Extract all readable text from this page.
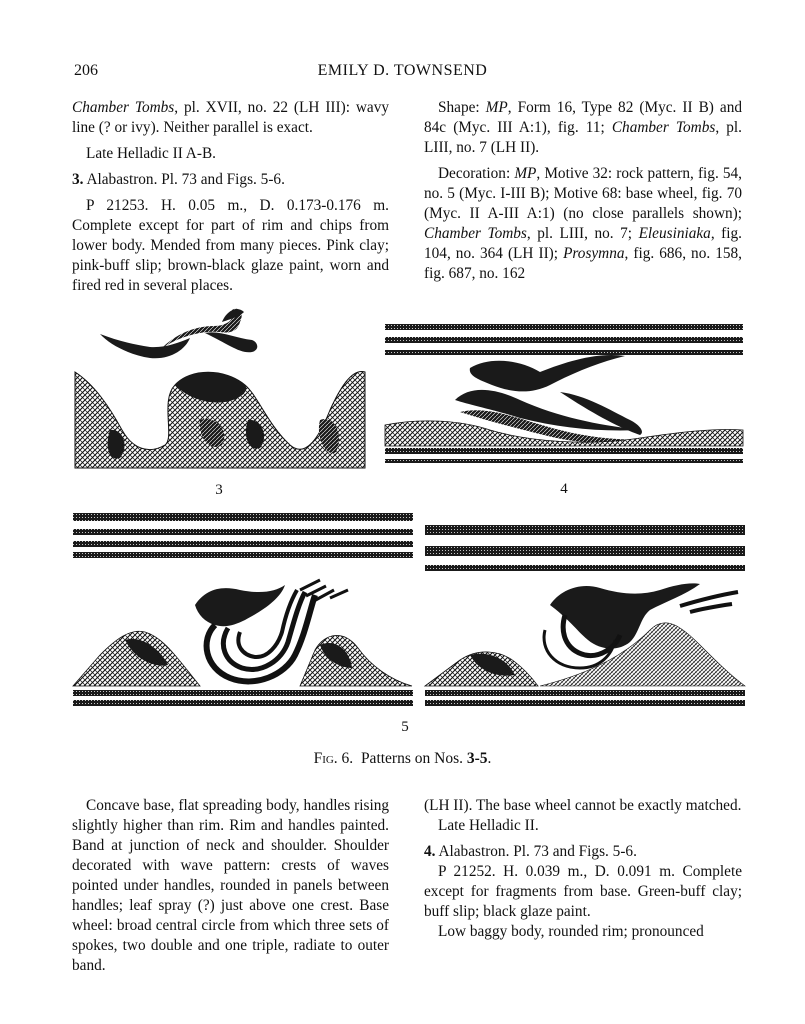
206	EMILY D. TOWNSEND

Chamber Tombs, pl. XVII, no. 22 (LH III): wavy line (? or ivy). Neither parallel is exact.

Late Helladic II A-B.

3. Alabastron. Pl. 73 and Figs. 5-6.

P 21253. H. 0.05 m., D. 0.173-0.176 m. Complete except for part of rim and chips from lower body. Mended from many pieces. Pink clay; pink-buff slip; brown-black glaze paint, worn and fired red in several places.

Shape: MP, Form 16, Type 82 (Myc. II B) and 84c (Myc. III A:1), fig. 11; Chamber Tombs, pl. LIII, no. 7 (LH II).

Decoration: MP, Motive 32: rock pattern, fig. 54, no. 5 (Myc. I-III B); Motive 68: base wheel, fig. 70 (Myc. II A-III A:1) (no close parallels shown); Chamber Tombs, pl. LIII, no. 7; Eleusiniaka, fig. 104, no. 364 (LH II); Prosymna, fig. 686, no. 158, fig. 687, no. 162

3	4
5
Fig. 6. Patterns on Nos. 3-5.

Concave base, flat spreading body, handles rising slightly higher than rim. Rim and handles painted. Band at junction of neck and shoulder. Shoulder decorated with wave pattern: crests of waves pointed under handles, rounded in panels between handles; leaf spray (?) just above one crest. Base wheel: broad central circle from which three sets of spokes, two double and one triple, radiate to outer band.

(LH II). The base wheel cannot be exactly matched.

Late Helladic II.

4. Alabastron. Pl. 73 and Figs. 5-6.

P 21252. H. 0.039 m., D. 0.091 m. Complete except for fragments from base. Green-buff clay; buff slip; black glaze paint.

Low baggy body, rounded rim; pronounced
